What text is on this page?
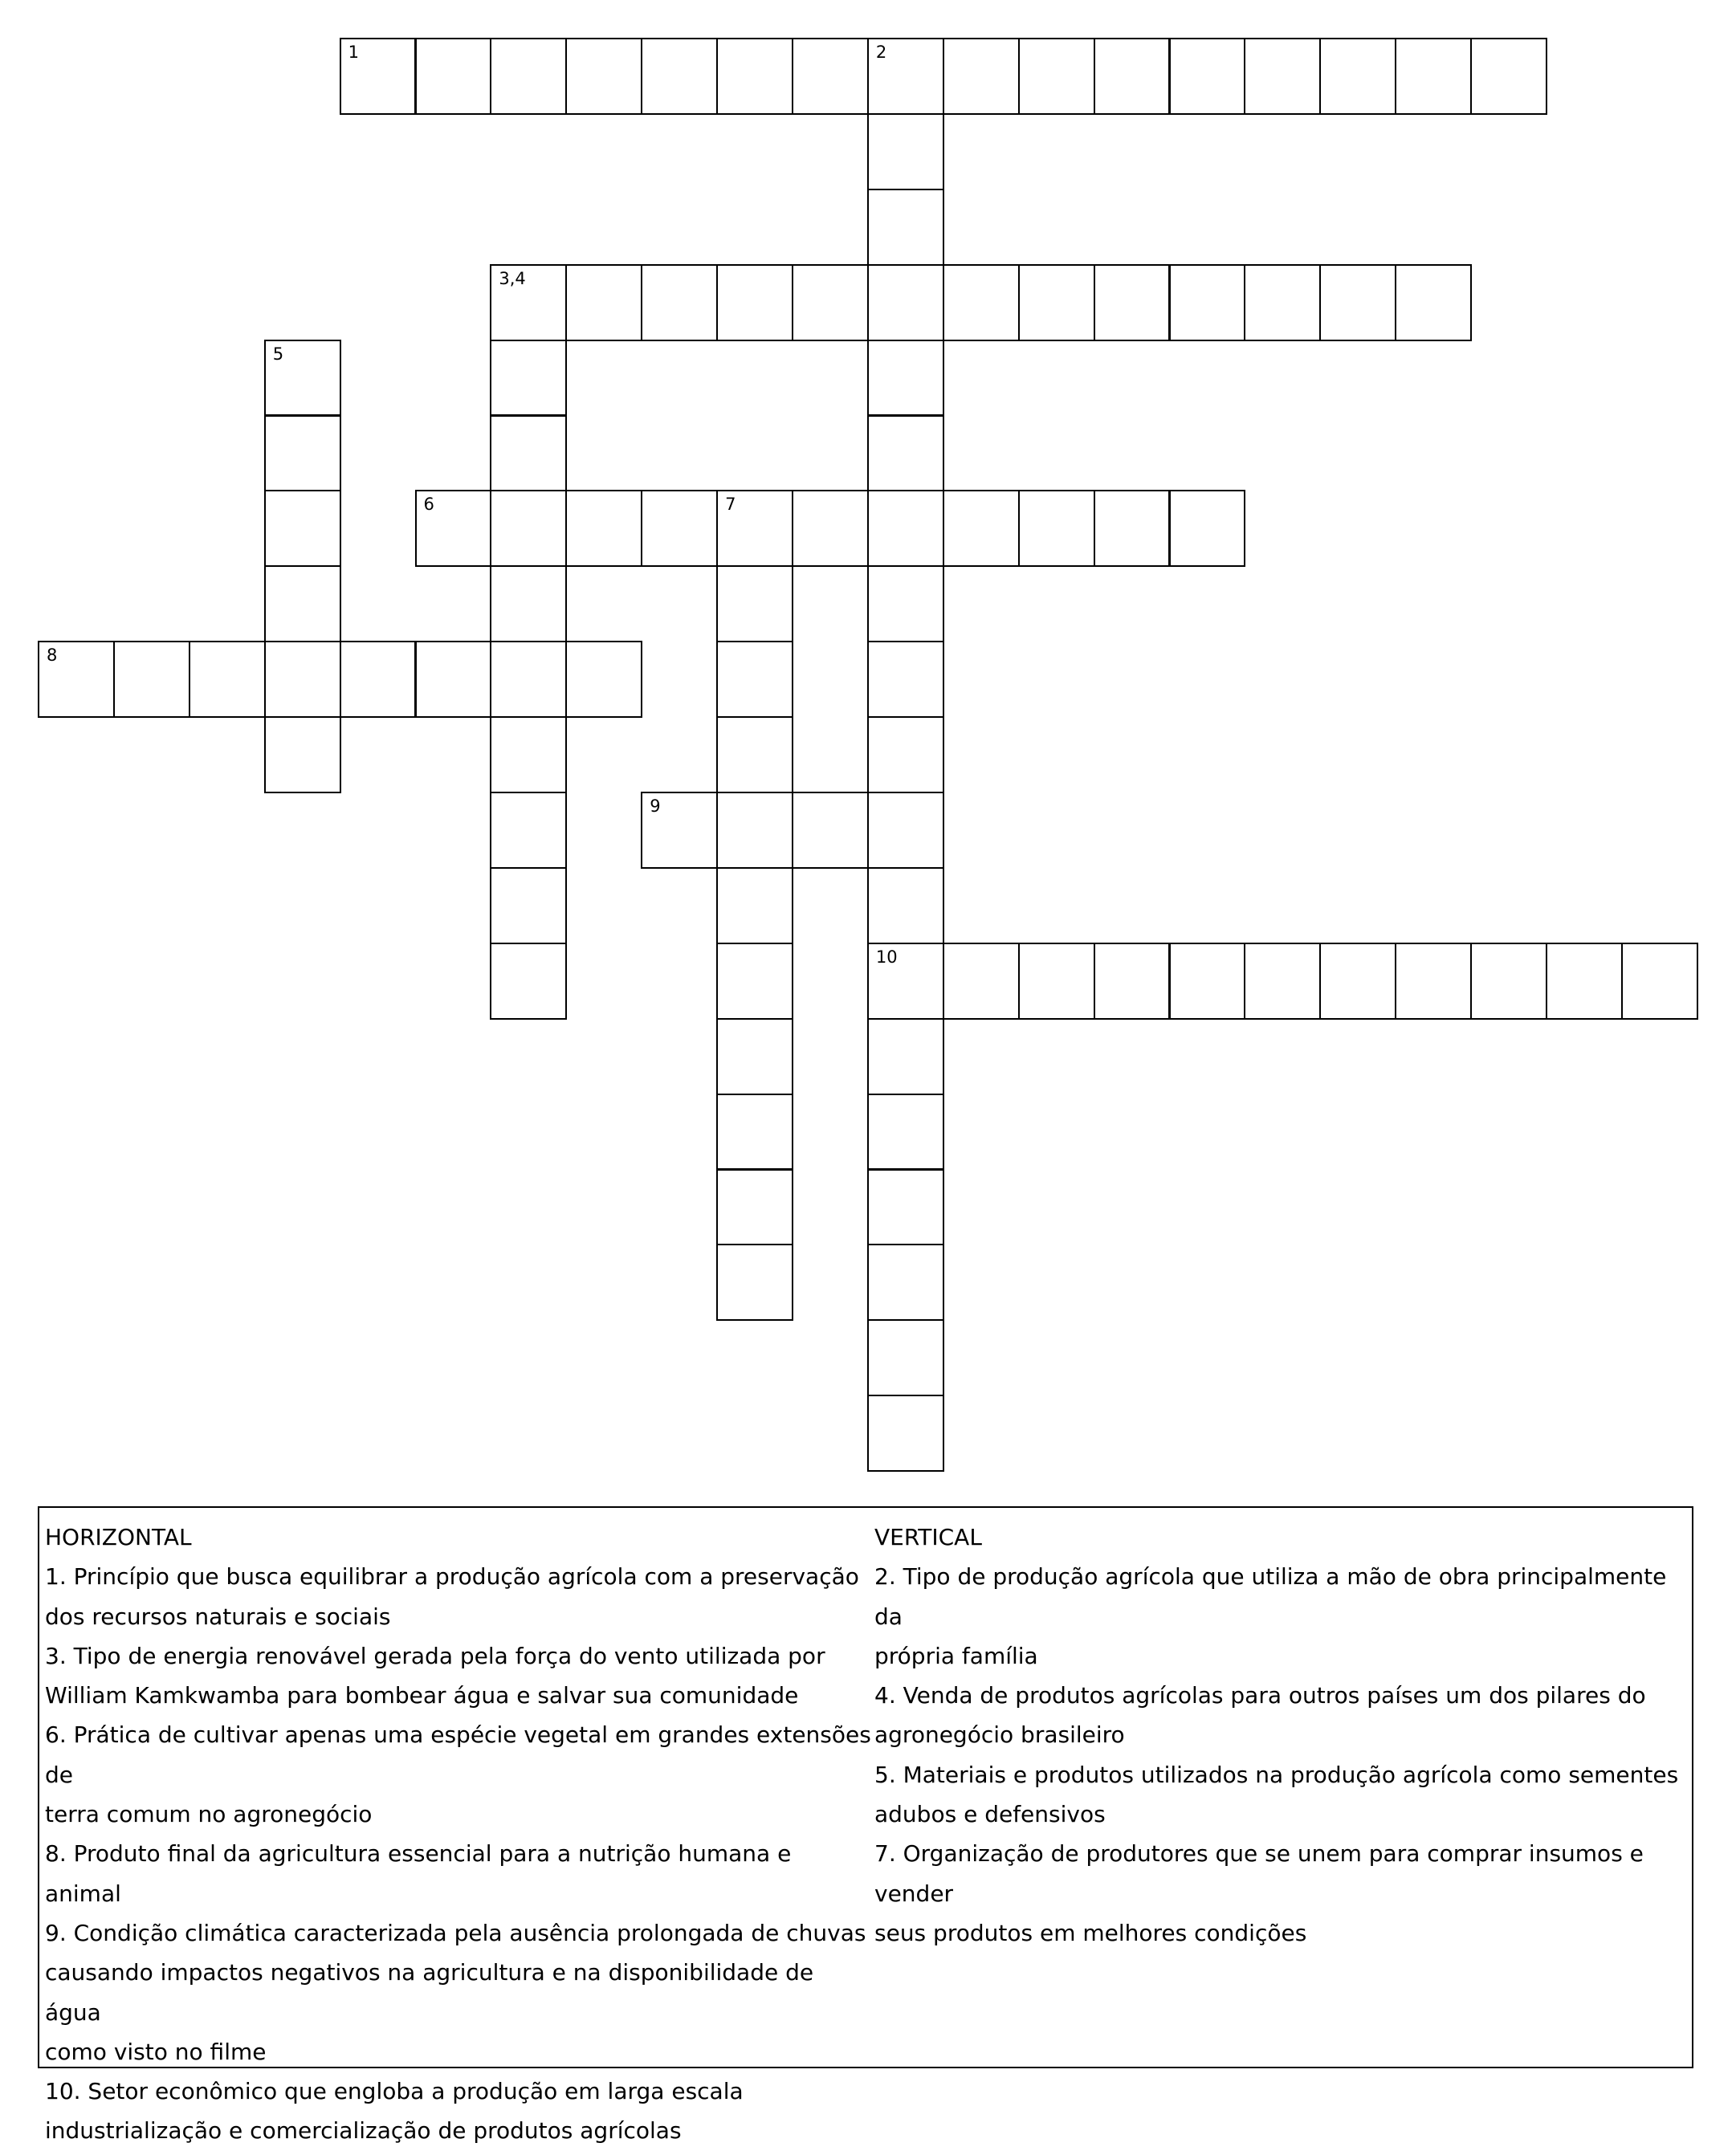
1	2
10
3,4
5
6	7
8
9
HORIZONTAL
1. Princípio que busca equilibrar a produção agrícola com a preservação
dos recursos naturais e sociais
3. Tipo de energia renovável gerada pela força do vento utilizada por
William Kamkwamba para bombear água e salvar sua comunidade
6. Prática de cultivar apenas uma espécie vegetal em grandes extensões de
terra comum no agronegócio
8. Produto final da agricultura essencial para a nutrição humana e animal
9. Condição climática caracterizada pela ausência prolongada de chuvas
causando impactos negativos na agricultura e na disponibilidade de água
como visto no filme
10. Setor econômico que engloba a produção em larga escala
industrialização e comercialização de produtos agrícolas
VERTICAL
2. Tipo de produção agrícola que utiliza a mão de obra principalmente da
própria família
4. Venda de produtos agrícolas para outros países um dos pilares do
agronegócio brasileiro
5. Materiais e produtos utilizados na produção agrícola como sementes
adubos e defensivos
7. Organização de produtores que se unem para comprar insumos e vender
seus produtos em melhores condições
